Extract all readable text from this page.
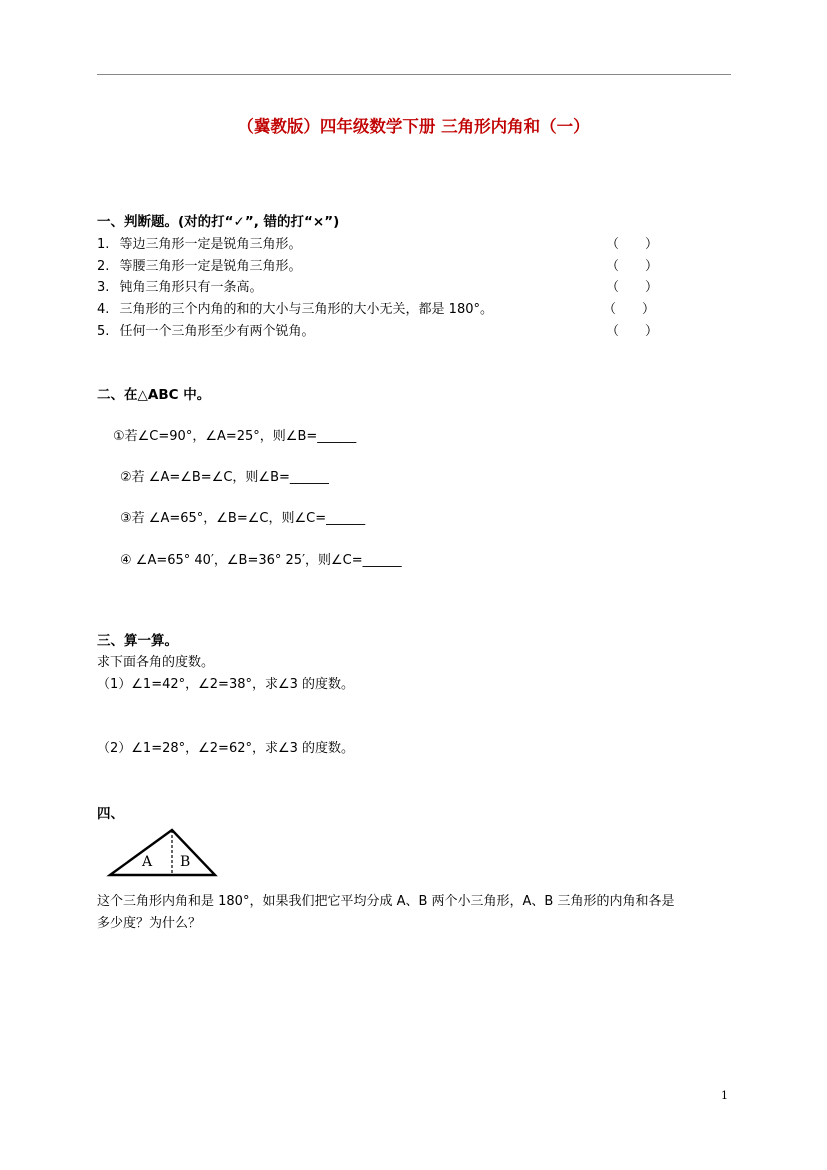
（冀教版）四年级数学下册 三角形内角和（一）
一、判断题。(对的打“✓”, 错的打“×”)
1. 等边三角形一定是锐角三角形。	（　　）
2. 等腰三角形一定是锐角三角形。	（　　）
3. 钝角三角形只有一条高。	（　　）
4. 三角形的三个内角的和的大小与三角形的大小无关，都是 180°。	（　　）
5. 任何一个三角形至少有两个锐角。	（　　）
二、在△ABC 中。
①若∠C=90°，∠A=25°，则∠B=______
②若 ∠A=∠B=∠C，则∠B=______
③若 ∠A=65°，∠B=∠C，则∠C=______
④ ∠A=65° 40′，∠B=36° 25′，则∠C=______
三、算一算。
求下面各角的度数。
（1）∠1=42°，∠2=38°，求∠3 的度数。
（2）∠1=28°，∠2=62°，求∠3 的度数。
四、
A B
这个三角形内角和是 180°，如果我们把它平均分成 A、B 两个小三角形，A、B 三角形的内角和各是
多少度？为什么？
1
